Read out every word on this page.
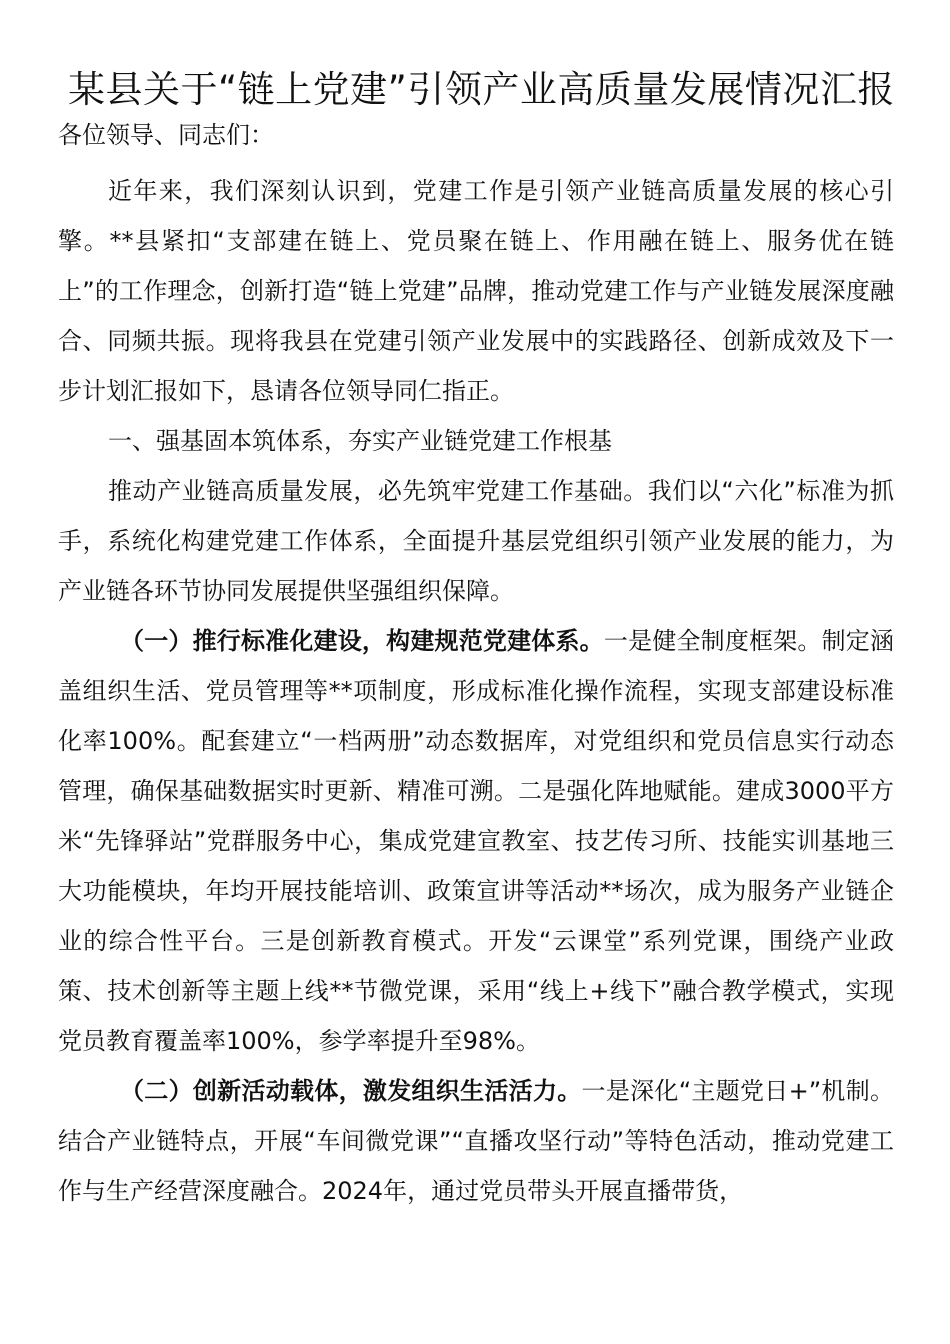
某县关于“链上党建”引领产业高质量发展情况汇报

各位领导、同志们：

近年来，我们深刻认识到，党建工作是引领产业链高质量发展的核心引擎。**县紧扣“支部建在链上、党员聚在链上、作用融在链上、服务优在链上”的工作理念，创新打造“链上党建”品牌，推动党建工作与产业链发展深度融合、同频共振。现将我县在党建引领产业发展中的实践路径、创新成效及下一步计划汇报如下，恳请各位领导同仁指正。

一、强基固本筑体系，夯实产业链党建工作根基

推动产业链高质量发展，必先筑牢党建工作基础。我们以“六化”标准为抓手，系统化构建党建工作体系，全面提升基层党组织引领产业发展的能力，为产业链各环节协同发展提供坚强组织保障。

（一）推行标准化建设，构建规范党建体系。一是健全制度框架。制定涵盖组织生活、党员管理等**项制度，形成标准化操作流程，实现支部建设标准化率100%。配套建立“一档两册”动态数据库，对党组织和党员信息实行动态管理，确保基础数据实时更新、精准可溯。二是强化阵地赋能。建成3000平方米“先锋驿站”党群服务中心，集成党建宣教室、技艺传习所、技能实训基地三大功能模块，年均开展技能培训、政策宣讲等活动**场次，成为服务产业链企业的综合性平台。三是创新教育模式。开发“云课堂”系列党课，围绕产业政策、技术创新等主题上线**节微党课，采用“线上+线下”融合教学模式，实现党员教育覆盖率100%，参学率提升至98%。

（二）创新活动载体，激发组织生活活力。一是深化“主题党日+”机制。结合产业链特点，开展“车间微党课”“直播攻坚行动”等特色活动，推动党建工作与生产经营深度融合。2024年，通过党员带头开展直播带货，
